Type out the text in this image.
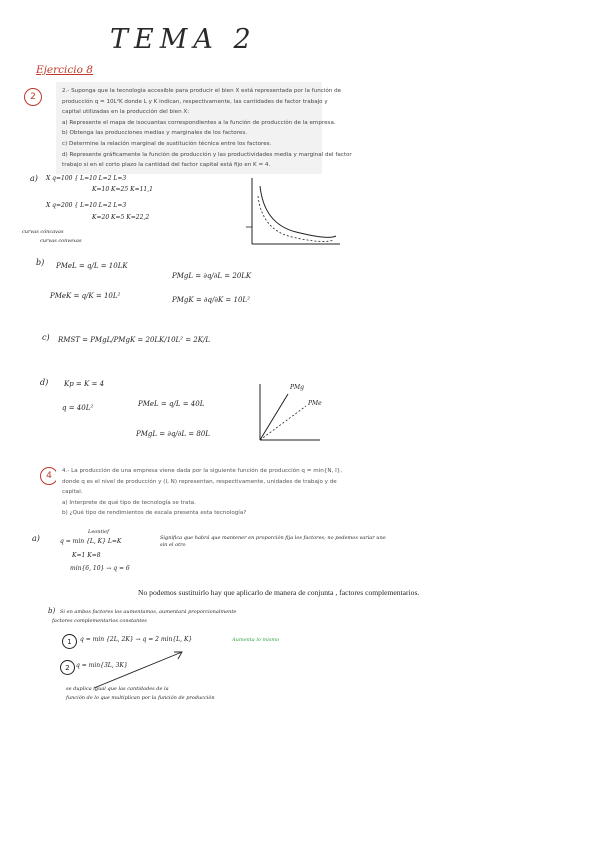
TEMA 2
Ejercicio 8
2

2.- Suponga que la tecnología accesible para producir el bien X está representada por la función de

producción q = 10L²K donde L y K indican, respectivamente, las cantidades de factor trabajo y

capital utilizadas en la producción del bien X:

a) Represente el mapa de isocuantas correspondientes a la función de producción de la empresa.

b) Obtenga las producciones medias y marginales de los factores.

c) Determine la relación marginal de sustitución técnica entre los factores.

d) Represente gráficamente la función de producción y las productividades media y marginal del factor

trabajo si en el corto plazo la cantidad del factor capital está fijo en K = 4.

a) X q=100 { L=10 L=2 L=3
K=10 K=25 K=11,1
X q=200 { L=10 L=2 L=3
K=20 K=5 K=22,2
curvas cóncavas
curvas convexas
b) PMeL = q/L = 10LK
PMeK = q/K = 10L²
PMgL = ∂q/∂L = 20LK
PMgK = ∂q/∂K = 10L²
c) RMST = PMgL/PMgK = 20LK/10L² = 2K/L
d) Kp = K = 4
q = 40L²	PMeL = q/L = 40L
PMgL = ∂q/∂L = 80L
PMg
PMe
4	4.- La producción de una empresa viene dada por la siguiente función de producción q = min{N, I},

donde q es el nivel de producción y (I, N) representan, respectivamente, unidades de trabajo y de

capital.

a) Interprete de qué tipo de tecnología se trata.

b) ¿Qué tipo de rendimientos de escala presenta esta tecnología?

a)
Leontief
q = min {L, K} L=K
K=1 K=8
min{6, 10} → q = 6
Significa que habrá que mantener en proporción fija los factores; no podemos variar uno sin el otro
No podemos sustituirlo hay que aplicarlo de manera de conjunta , factores complementarios.
b) Si en ambos factores los aumentamos, aumentará proporcionalmente
factores complementarios constantes
1	q = min {2L, 2K} → q = 2 min{L, K}	Aumenta lo mismo
2	q = min{3L, 3K}
se duplica igual que las cantidades de la
función de lo que multiplican por la función de producción
